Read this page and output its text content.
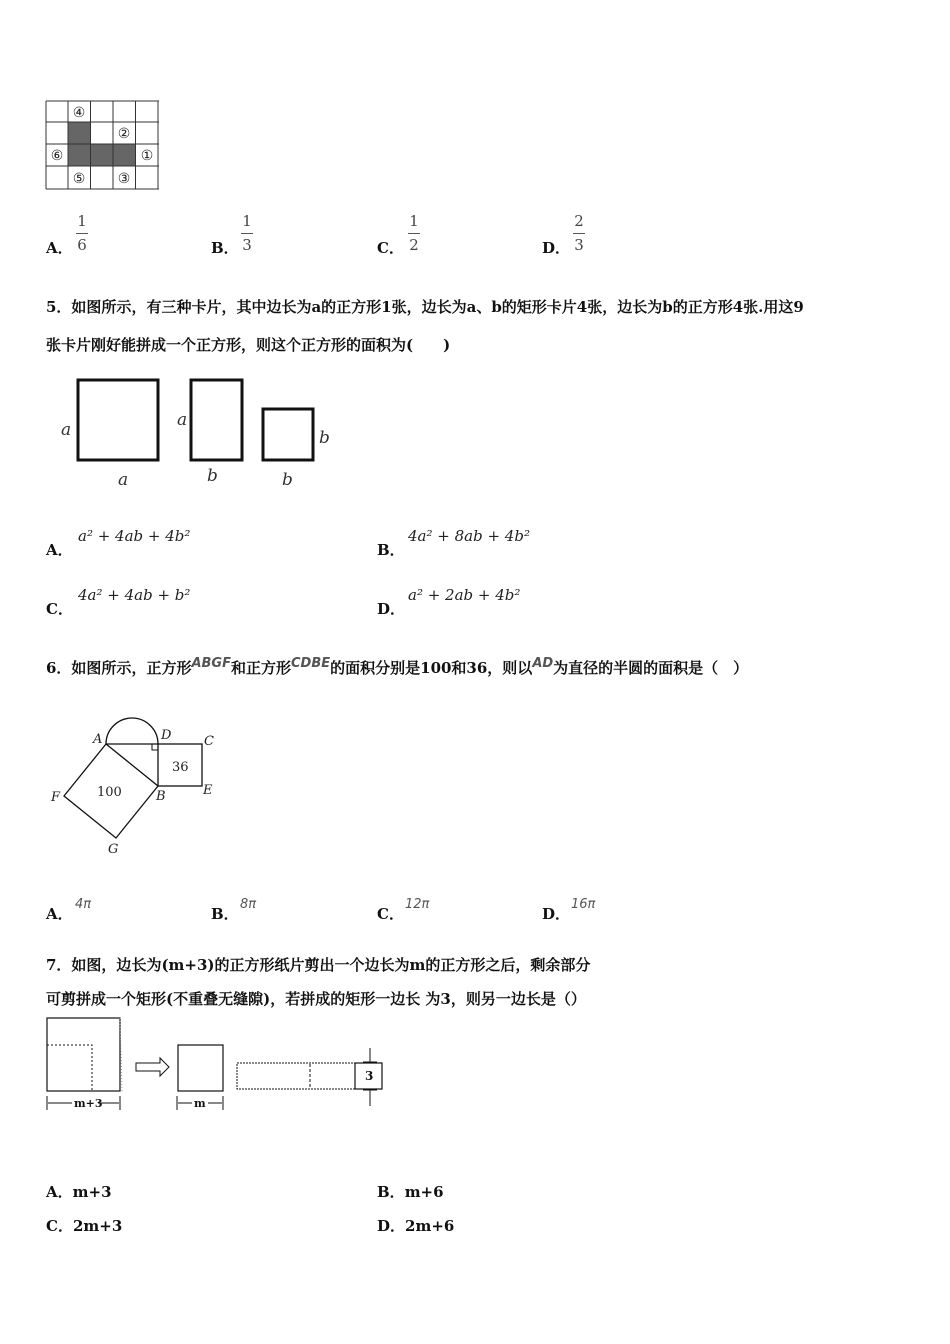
④
②
⑥	①
⑤ ③
A．
1
6	B．
1
3	C．
1
2	D．
2
3
5．如图所示，有三种卡片，其中边长为a的正方形1张，边长为a、b的矩形卡片4张，边长为b的正方形4张.用这9
张卡片刚好能拼成一个正方形，则这个正方形的面积为(　　)
a
a
a
b
b
b
A．
a² + 4ab + 4b²
B．
4a² + 8ab + 4b²
C．
4a² + 4ab + b²
D．
a² + 2ab + 4b²
6．如图所示，正方形ABGF和正方形CDBE的面积分别是100和36，则以AD为直径的半圆的面积是（　）
A	D	C
B	E
F
G
100
36
A．
4π
B．
8π
C．
12π
D．
16π
7．如图，边长为(m+3)的正方形纸片剪出一个边长为m的正方形之后，剩余部分
可剪拼成一个矩形(不重叠无缝隙)，若拼成的矩形一边长 为3，则另一边长是（）
m+3	m
3
A．m+3	B．m+6
C．2m+3	D．2m+6
